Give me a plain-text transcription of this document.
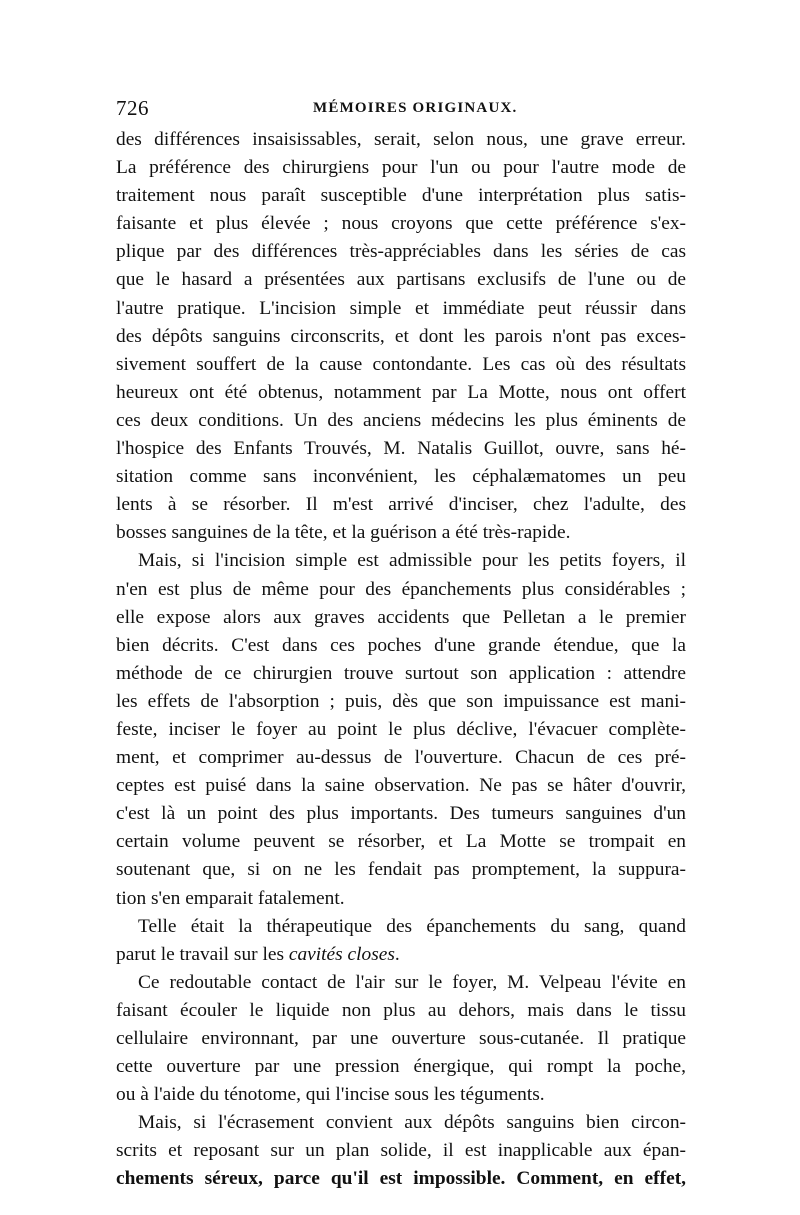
726	MÉMOIRES ORIGINAUX.
des différences insaisissables, serait, selon nous, une grave erreur.
La préférence des chirurgiens pour l'un ou pour l'autre mode de
traitement nous paraît susceptible d'une interprétation plus satis-
faisante et plus élevée ; nous croyons que cette préférence s'ex-
plique par des différences très-appréciables dans les séries de cas
que le hasard a présentées aux partisans exclusifs de l'une ou de
l'autre pratique. L'incision simple et immédiate peut réussir dans
des dépôts sanguins circonscrits, et dont les parois n'ont pas exces-
sivement souffert de la cause contondante. Les cas où des résultats
heureux ont été obtenus, notamment par La Motte, nous ont offert
ces deux conditions. Un des anciens médecins les plus éminents de
l'hospice des Enfants Trouvés, M. Natalis Guillot, ouvre, sans hé-
sitation comme sans inconvénient, les céphalæmatomes un peu
lents à se résorber. Il m'est arrivé d'inciser, chez l'adulte, des
bosses sanguines de la tête, et la guérison a été très-rapide.
Mais, si l'incision simple est admissible pour les petits foyers, il
n'en est plus de même pour des épanchements plus considérables ;
elle expose alors aux graves accidents que Pelletan a le premier
bien décrits. C'est dans ces poches d'une grande étendue, que la
méthode de ce chirurgien trouve surtout son application : attendre
les effets de l'absorption ; puis, dès que son impuissance est mani-
feste, inciser le foyer au point le plus déclive, l'évacuer complète-
ment, et comprimer au-dessus de l'ouverture. Chacun de ces pré-
ceptes est puisé dans la saine observation. Ne pas se hâter d'ouvrir,
c'est là un point des plus importants. Des tumeurs sanguines d'un
certain volume peuvent se résorber, et La Motte se trompait en
soutenant que, si on ne les fendait pas promptement, la suppura-
tion s'en emparait fatalement.
Telle était la thérapeutique des épanchements du sang, quand
parut le travail sur les cavités closes.
Ce redoutable contact de l'air sur le foyer, M. Velpeau l'évite en
faisant écouler le liquide non plus au dehors, mais dans le tissu
cellulaire environnant, par une ouverture sous-cutanée. Il pratique
cette ouverture par une pression énergique, qui rompt la poche,
ou à l'aide du ténotome, qui l'incise sous les téguments.
Mais, si l'écrasement convient aux dépôts sanguins bien circon-
scrits et reposant sur un plan solide, il est inapplicable aux épan-
chements séreux, parce qu'il est impossible. Comment, en effet,
